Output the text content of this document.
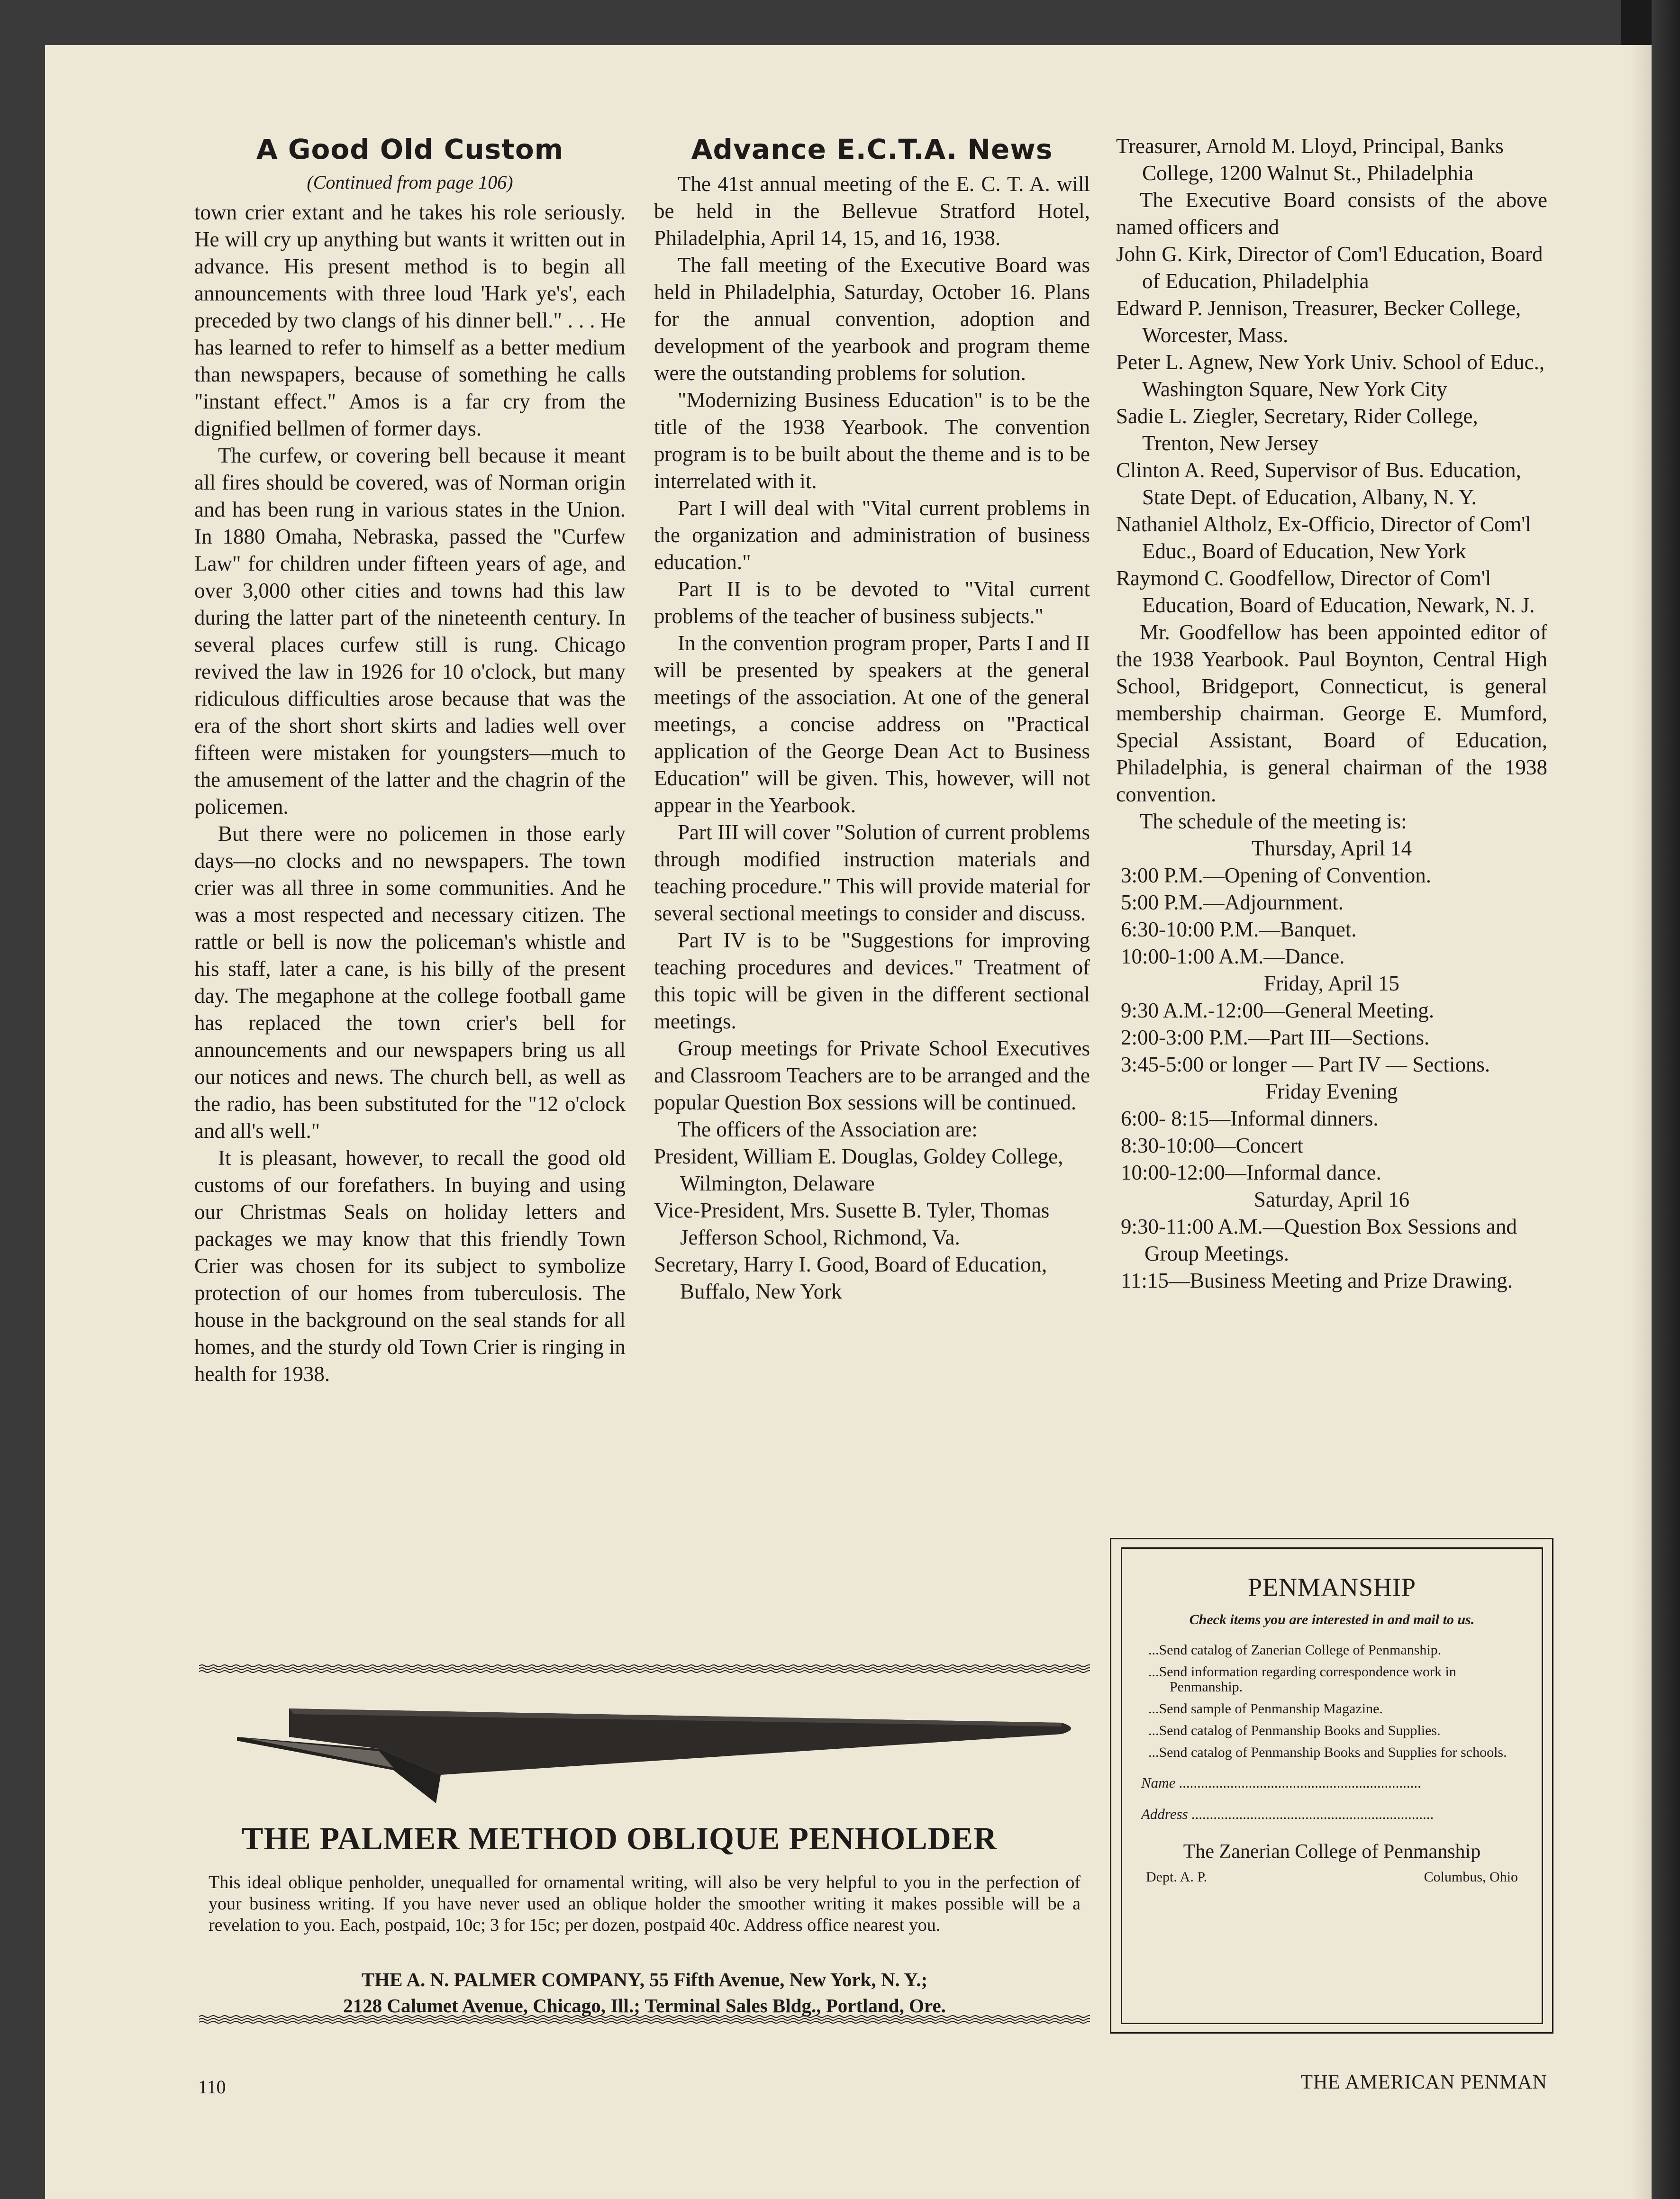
A Good Old Custom
(Continued from page 106)

town crier extant and he takes his role seriously. He will cry up anything but wants it written out in advance. His present method is to begin all announcements with three loud 'Hark ye's', each preceded by two clangs of his dinner bell." . . . He has learned to refer to himself as a better medium than newspapers, because of something he calls "instant effect." Amos is a far cry from the dignified bellmen of former days.

The curfew, or covering bell because it meant all fires should be covered, was of Norman origin and has been rung in various states in the Union. In 1880 Omaha, Nebraska, passed the "Curfew Law" for children under fifteen years of age, and over 3,000 other cities and towns had this law during the latter part of the nineteenth century. In several places curfew still is rung. Chicago revived the law in 1926 for 10 o'clock, but many ridiculous difficulties arose because that was the era of the short short skirts and ladies well over fifteen were mistaken for youngsters—much to the amusement of the latter and the chagrin of the policemen.

But there were no policemen in those early days—no clocks and no newspapers. The town crier was all three in some communities. And he was a most respected and necessary citizen. The rattle or bell is now the policeman's whistle and his staff, later a cane, is his billy of the present day. The megaphone at the college football game has replaced the town crier's bell for announcements and our newspapers bring us all our notices and news. The church bell, as well as the radio, has been substituted for the "12 o'clock and all's well."

It is pleasant, however, to recall the good old customs of our forefathers. In buying and using our Christmas Seals on holiday letters and packages we may know that this friendly Town Crier was chosen for its subject to symbolize protection of our homes from tuberculosis. The house in the background on the seal stands for all homes, and the sturdy old Town Crier is ringing in health for 1938.

Advance E.C.T.A. News

The 41st annual meeting of the E. C. T. A. will be held in the Bellevue Stratford Hotel, Philadelphia, April 14, 15, and 16, 1938.

The fall meeting of the Executive Board was held in Philadelphia, Saturday, October 16. Plans for the annual convention, adoption and development of the yearbook and program theme were the outstanding problems for solution.

"Modernizing Business Education" is to be the title of the 1938 Yearbook. The convention program is to be built about the theme and is to be interrelated with it.

Part I will deal with "Vital current problems in the organization and administration of business education."

Part II is to be devoted to "Vital current problems of the teacher of business subjects."

In the convention program proper, Parts I and II will be presented by speakers at the general meetings of the association. At one of the general meetings, a concise address on "Practical application of the George Dean Act to Business Education" will be given. This, however, will not appear in the Yearbook.

Part III will cover "Solution of current problems through modified instruction materials and teaching procedure." This will provide material for several sectional meetings to consider and discuss.

Part IV is to be "Suggestions for improving teaching procedures and devices." Treatment of this topic will be given in the different sectional meetings.

Group meetings for Private School Executives and Classroom Teachers are to be arranged and the popular Question Box sessions will be continued.

The officers of the Association are:

President, William E. Douglas, Goldey College, Wilmington, Delaware

Vice-President, Mrs. Susette B. Tyler, Thomas Jefferson School, Richmond, Va.

Secretary, Harry I. Good, Board of Education, Buffalo, New York

Treasurer, Arnold M. Lloyd, Principal, Banks College, 1200 Walnut St., Philadelphia

The Executive Board consists of the above named officers and

John G. Kirk, Director of Com'l Education, Board of Education, Philadelphia

Edward P. Jennison, Treasurer, Becker College, Worcester, Mass.

Peter L. Agnew, New York Univ. School of Educ., Washington Square, New York City

Sadie L. Ziegler, Secretary, Rider College, Trenton, New Jersey

Clinton A. Reed, Supervisor of Bus. Education, State Dept. of Education, Albany, N. Y.

Nathaniel Altholz, Ex-Officio, Director of Com'l Educ., Board of Education, New York

Raymond C. Goodfellow, Director of Com'l Education, Board of Education, Newark, N. J.

Mr. Goodfellow has been appointed editor of the 1938 Yearbook. Paul Boynton, Central High School, Bridgeport, Connecticut, is general membership chairman. George E. Mumford, Special Assistant, Board of Education, Philadelphia, is general chairman of the 1938 convention.

The schedule of the meeting is:

Thursday, April 14

3:00 P.M.—Opening of Convention.

5:00 P.M.—Adjournment.

6:30-10:00 P.M.—Banquet.

10:00-1:00 A.M.—Dance.

Friday, April 15

9:30 A.M.-12:00—General Meeting.

2:00-3:00 P.M.—Part III—Sections.

3:45-5:00 or longer — Part IV — Sections.

Friday Evening

6:00- 8:15—Informal dinners.

8:30-10:00—Concert

10:00-12:00—Informal dance.

Saturday, April 16

9:30-11:00 A.M.—Question Box Sessions and Group Meetings.

11:15—Business Meeting and Prize Drawing.

THE PALMER METHOD OBLIQUE PENHOLDER
This ideal oblique penholder, unequalled for ornamental writing, will also be very helpful to you in the perfection of your business writing. If you have never used an oblique holder the smoother writing it makes possible will be a revelation to you. Each, postpaid, 10c; 3 for 15c; per dozen, postpaid 40c. Address office nearest you.
THE A. N. PALMER COMPANY, 55 Fifth Avenue, New York, N. Y.;
2128 Calumet Avenue, Chicago, Ill.; Terminal Sales Bldg., Portland, Ore.
PENMANSHIP
Check items you are interested in and mail to us.
...Send catalog of Zanerian College of Penmanship.
...Send information regarding correspondence work in Penmanship.
...Send sample of Penmanship Magazine.
...Send catalog of Penmanship Books and Supplies.
...Send catalog of Penmanship Books and Supplies for schools.
Name ..................................................................
Address ..................................................................
The Zanerian College of Penmanship
Dept. A. P.	Columbus, Ohio
110	THE AMERICAN PENMAN
